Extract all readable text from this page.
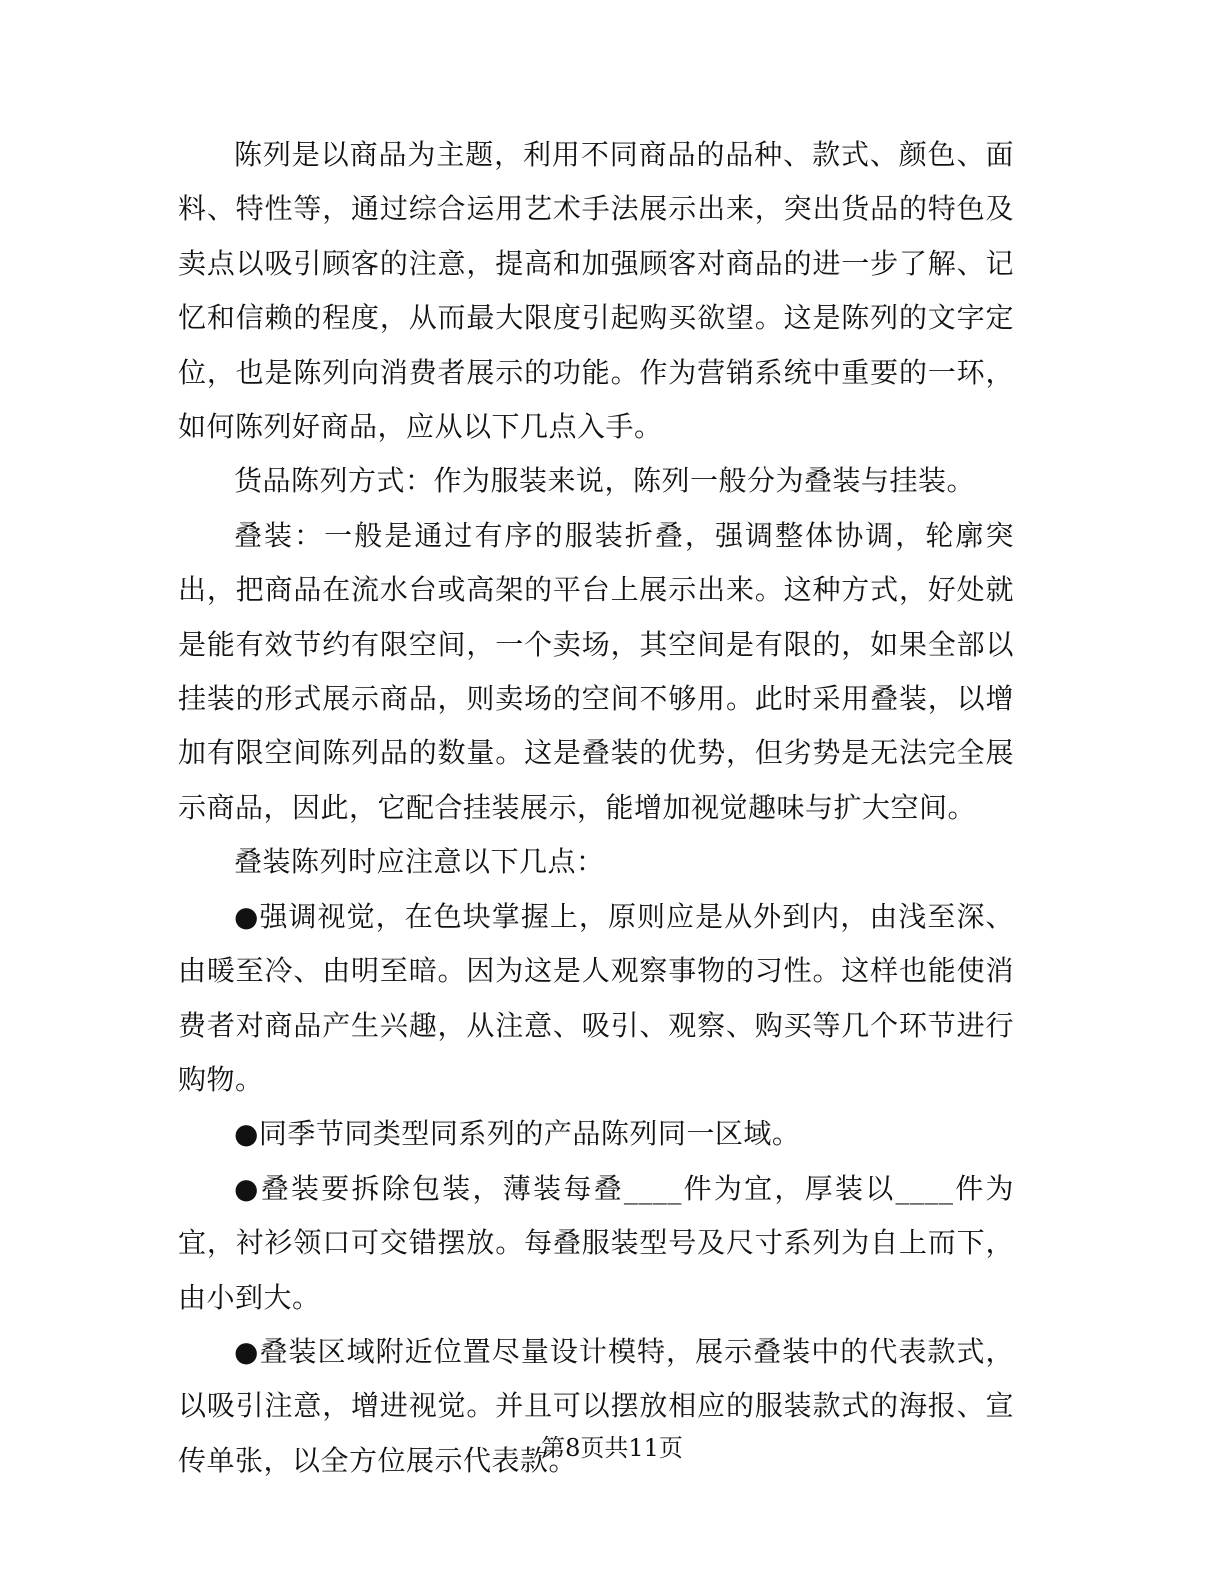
陈列是以商品为主题，利用不同商品的品种、款式、颜色、面料、特性等，通过综合运用艺术手法展示出来，突出货品的特色及卖点以吸引顾客的注意，提高和加强顾客对商品的进一步了解、记忆和信赖的程度，从而最大限度引起购买欲望。这是陈列的文字定位，也是陈列向消费者展示的功能。作为营销系统中重要的一环，如何陈列好商品，应从以下几点入手。

货品陈列方式：作为服装来说，陈列一般分为叠装与挂装。

叠装：一般是通过有序的服装折叠，强调整体协调，轮廓突出，把商品在流水台或高架的平台上展示出来。这种方式，好处就是能有效节约有限空间，一个卖场，其空间是有限的，如果全部以挂装的形式展示商品，则卖场的空间不够用。此时采用叠装，以增加有限空间陈列品的数量。这是叠装的优势，但劣势是无法完全展示商品，因此，它配合挂装展示，能增加视觉趣味与扩大空间。

叠装陈列时应注意以下几点：

●强调视觉，在色块掌握上，原则应是从外到内，由浅至深、由暖至冷、由明至暗。因为这是人观察事物的习性。这样也能使消费者对商品产生兴趣，从注意、吸引、观察、购买等几个环节进行购物。

●同季节同类型同系列的产品陈列同一区域。

●叠装要拆除包装，薄装每叠____件为宜，厚装以____件为宜，衬衫领口可交错摆放。每叠服装型号及尺寸系列为自上而下，由小到大。

●叠装区域附近位置尽量设计模特，展示叠装中的代表款式，以吸引注意，增进视觉。并且可以摆放相应的服装款式的海报、宣传单张，以全方位展示代表款。

第8页共11页
